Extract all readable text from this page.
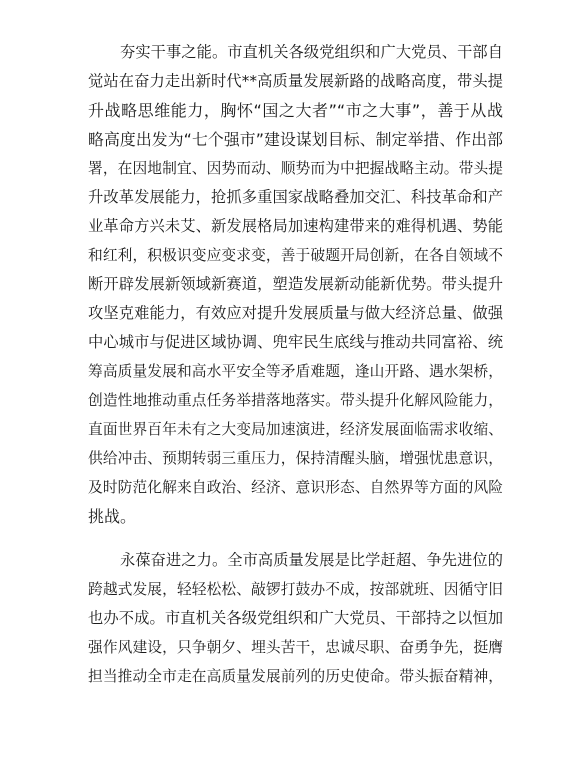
夯实干事之能。市直机关各级党组织和广大党员、干部自
觉站在奋力走出新时代**高质量发展新路的战略高度，带头提
升战略思维能力，胸怀“国之大者”“市之大事”，善于从战
略高度出发为“七个强市”建设谋划目标、制定举措、作出部
署，在因地制宜、因势而动、顺势而为中把握战略主动。带头提
升改革发展能力，抢抓多重国家战略叠加交汇、科技革命和产
业革命方兴未艾、新发展格局加速构建带来的难得机遇、势能
和红利，积极识变应变求变，善于破题开局创新，在各自领域不
断开辟发展新领域新赛道，塑造发展新动能新优势。带头提升
攻坚克难能力，有效应对提升发展质量与做大经济总量、做强
中心城市与促进区域协调、兜牢民生底线与推动共同富裕、统
筹高质量发展和高水平安全等矛盾难题，逢山开路、遇水架桥，
创造性地推动重点任务举措落地落实。带头提升化解风险能力，
直面世界百年未有之大变局加速演进，经济发展面临需求收缩、
供给冲击、预期转弱三重压力，保持清醒头脑，增强忧患意识，
及时防范化解来自政治、经济、意识形态、自然界等方面的风险
挑战。
永葆奋进之力。全市高质量发展是比学赶超、争先进位的
跨越式发展，轻轻松松、敲锣打鼓办不成，按部就班、因循守旧
也办不成。市直机关各级党组织和广大党员、干部持之以恒加
强作风建设，只争朝夕、埋头苦干，忠诚尽职、奋勇争先，挺膺
担当推动全市走在高质量发展前列的历史使命。带头振奋精神，
